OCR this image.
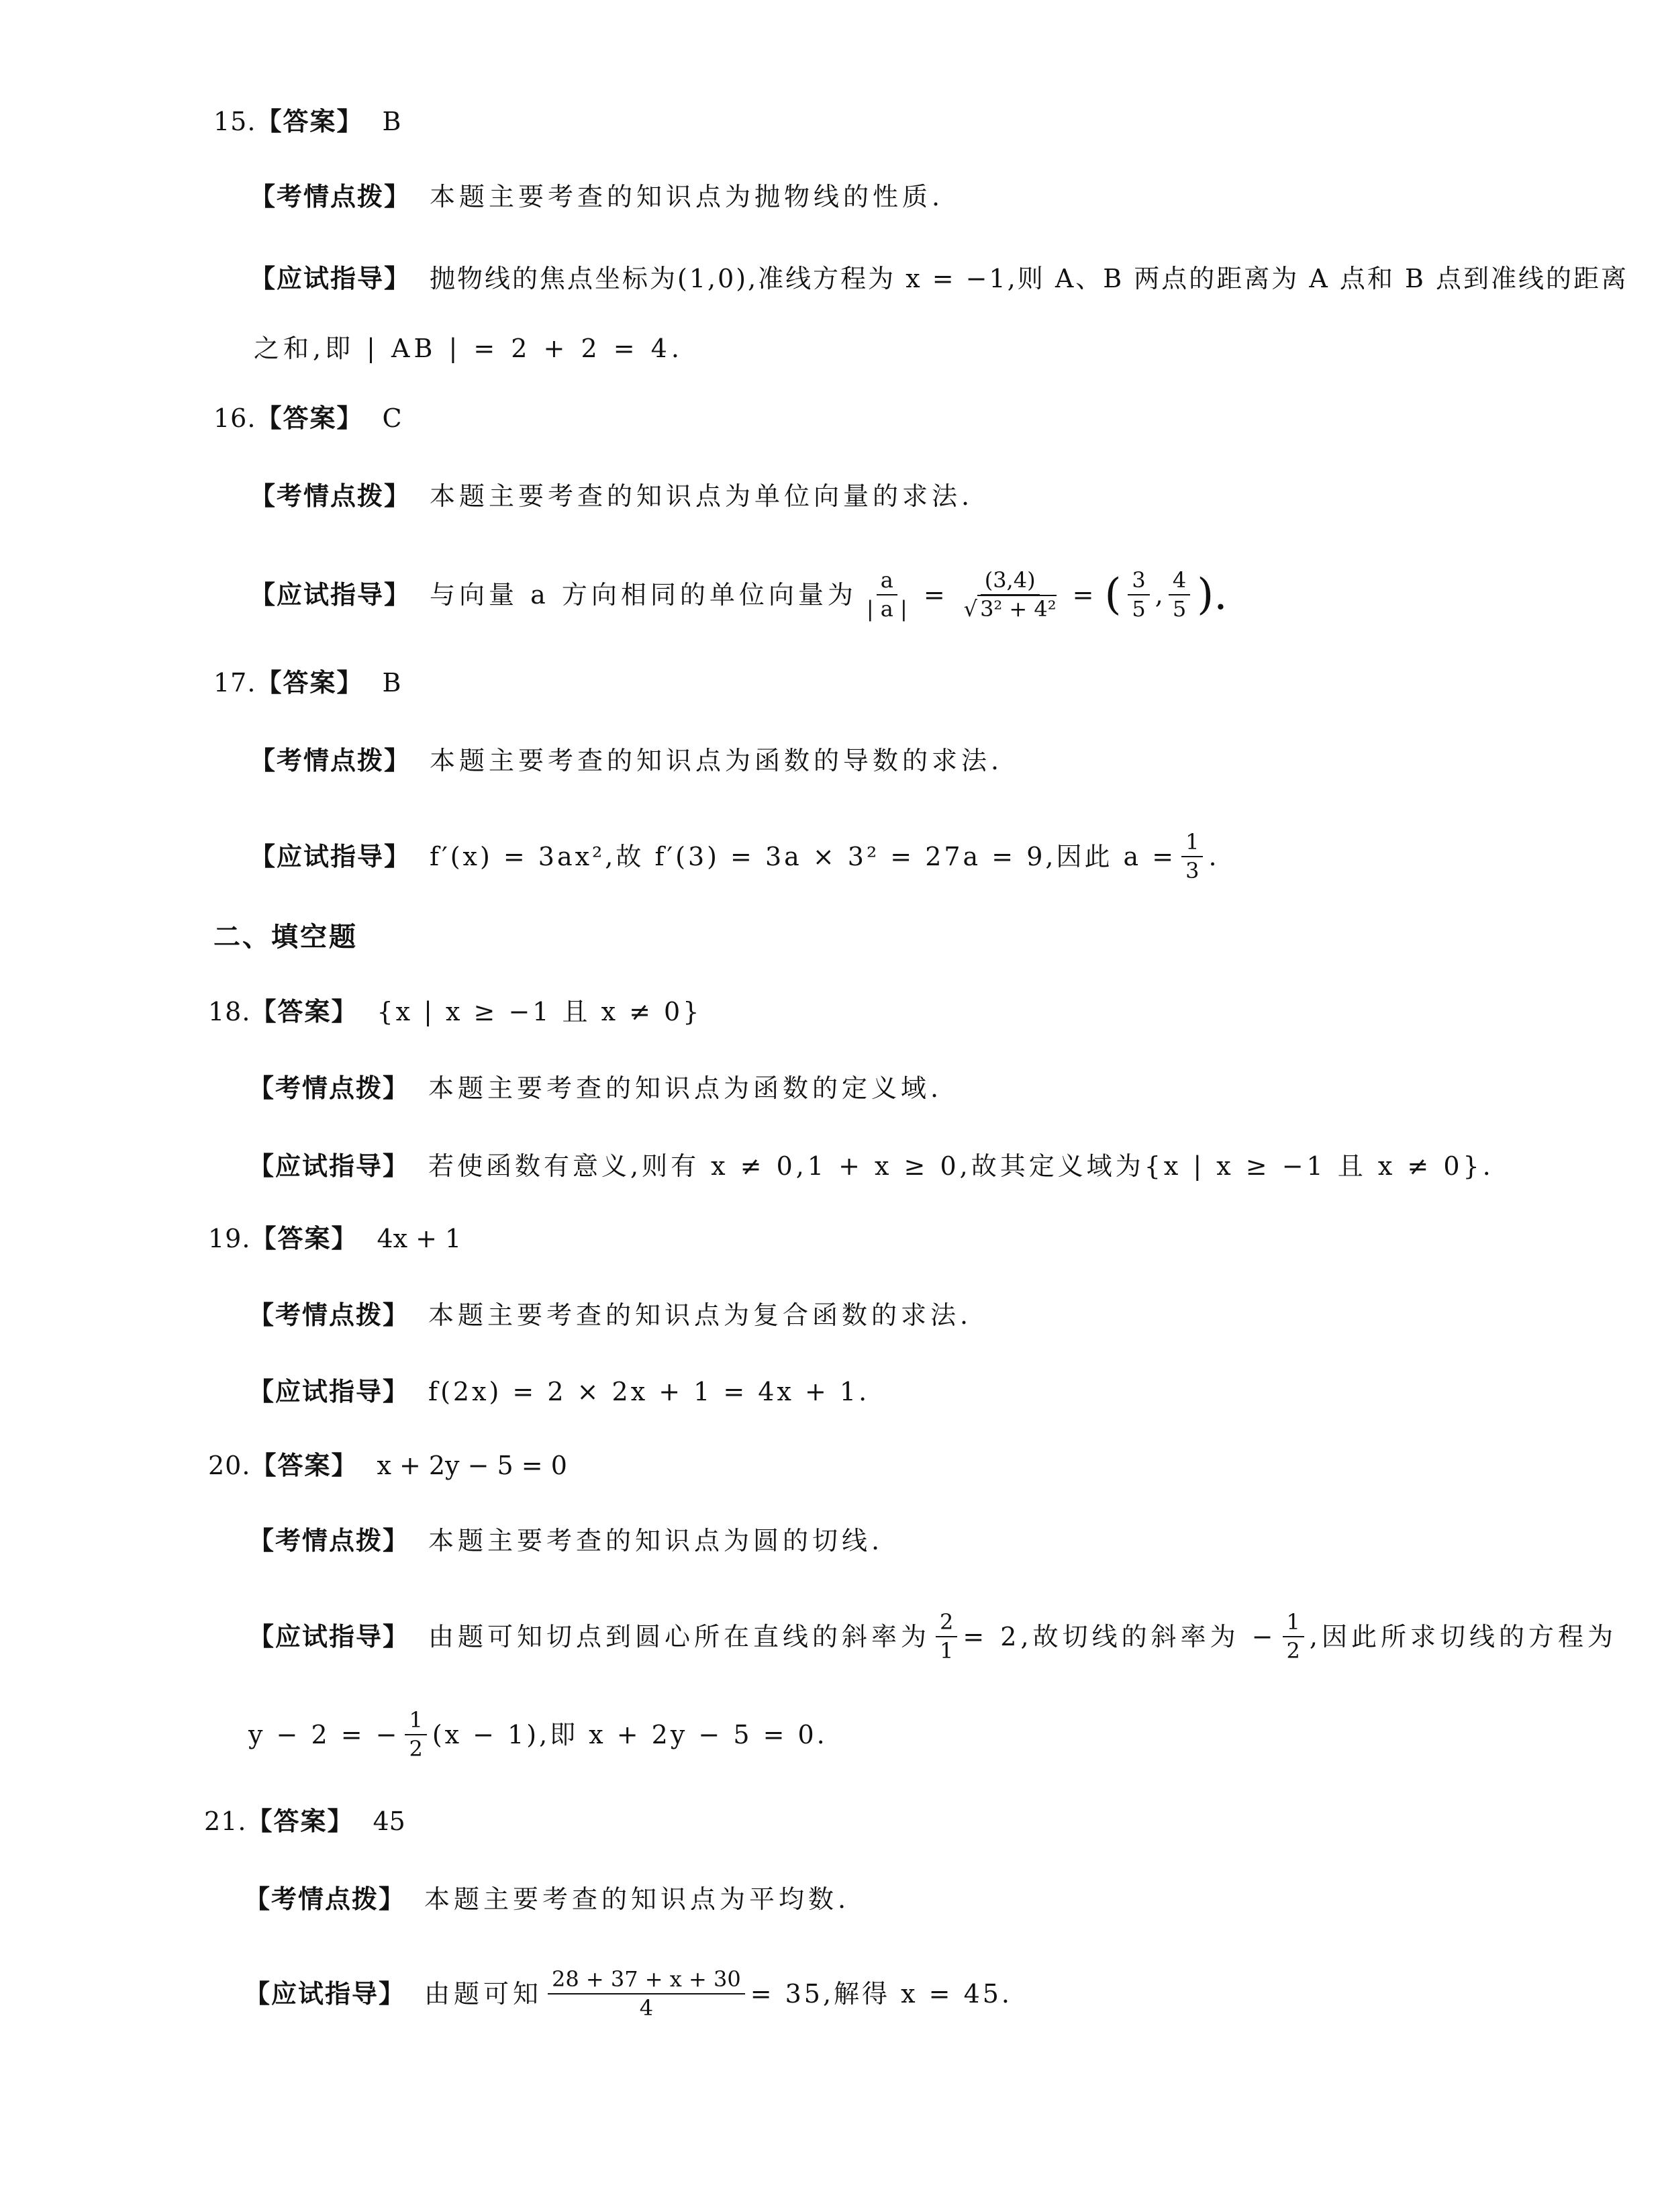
15. 【答案】 B
【考情点拨】 本题主要考查的知识点为抛物线的性质.
【应试指导】 抛物线的焦点坐标为(1,0),准线方程为 x = −1,则 A、B 两点的距离为 A 点和 B 点到准线的距离
之和,即 | AB | = 2 + 2 = 4.
16. 【答案】 C
【考情点拨】 本题主要考查的知识点为单位向量的求法.
【应试指导】 与向量 a 方向相同的单位向量为 $\frac{a}{| a |} = \frac{(3,4)}{\text{√ 3² + 4²}}$ = ( $\frac{3}{5}$ , $\frac{4}{5}$ ).
17. 【答案】 B
【考情点拨】 本题主要考查的知识点为函数的导数的求法.
【应试指导】 f′(x) = 3ax²,故 f′(3) = 3a × 3² = 27a = 9,因此 $a = \frac{1}{3}$ .
二、填空题
18. 【答案】 {x | x ≥ −1 且 x ≠ 0}
【考情点拨】 本题主要考查的知识点为函数的定义域.
【应试指导】 若使函数有意义,则有 x ≠ 0,1 + x ≥ 0,故其定义域为{x | x ≥ −1 且 x ≠ 0}.
19. 【答案】 4x + 1
【考情点拨】 本题主要考查的知识点为复合函数的求法.
【应试指导】 f(2x) = 2 × 2x + 1 = 4x + 1.
20. 【答案】 x + 2y − 5 = 0
【考情点拨】 本题主要考查的知识点为圆的切线.
【应试指导】 由题可知切点到圆心所在直线的斜率为 $\frac{2}{1} = 2$,故切线的斜率为 − $\frac{1}{2}$ ,因此所求切线的方程为
y − 2 = − $\frac{1}{2} (x - 1)$,即 x + 2y − 5 = 0.
21. 【答案】 45
【考情点拨】 本题主要考查的知识点为平均数.
【应试指导】 由题可知 $\frac{28 + 37 + x + 30}{4} = 35$,解得 x = 45.
